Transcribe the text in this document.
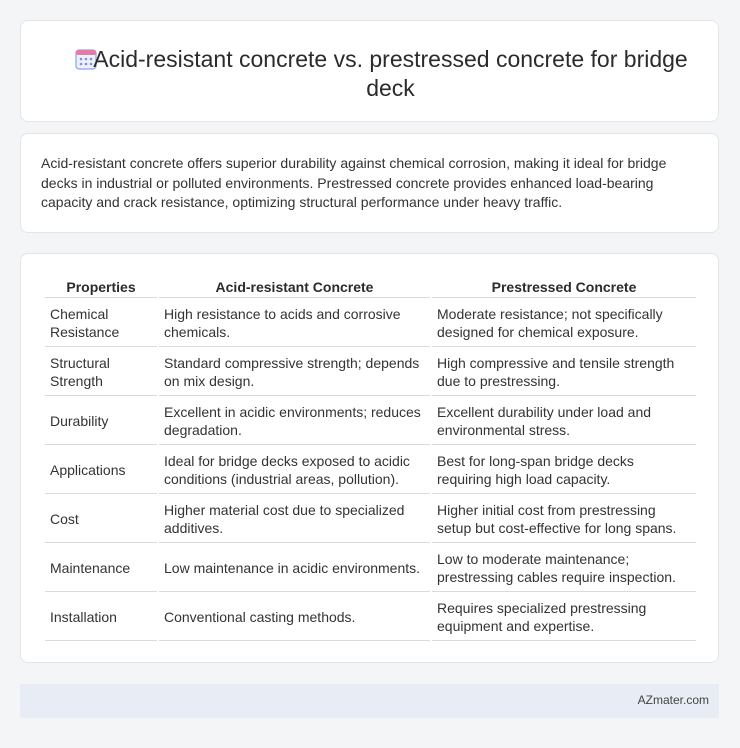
Acid-resistant concrete vs. prestressed concrete for bridge deck

Acid-resistant concrete offers superior durability against chemical corrosion, making it ideal for bridge decks in industrial or polluted environments. Prestressed concrete provides enhanced load-bearing capacity and crack resistance, optimizing structural performance under heavy traffic.

Properties	Acid-resistant Concrete	Prestressed Concrete
Chemical Resistance	High resistance to acids and corrosive chemicals.	Moderate resistance; not specifically designed for chemical exposure.
Structural Strength	Standard compressive strength; depends on mix design.	High compressive and tensile strength due to prestressing.
Durability	Excellent in acidic environments; reduces degradation.	Excellent durability under load and environmental stress.
Applications	Ideal for bridge decks exposed to acidic conditions (industrial areas, pollution).	Best for long-span bridge decks requiring high load capacity.
Cost	Higher material cost due to specialized additives.	Higher initial cost from prestressing setup but cost-effective for long spans.
Maintenance	Low maintenance in acidic environments.	Low to moderate maintenance; prestressing cables require inspection.
Installation	Conventional casting methods.	Requires specialized prestressing equipment and expertise.
AZmater.com
